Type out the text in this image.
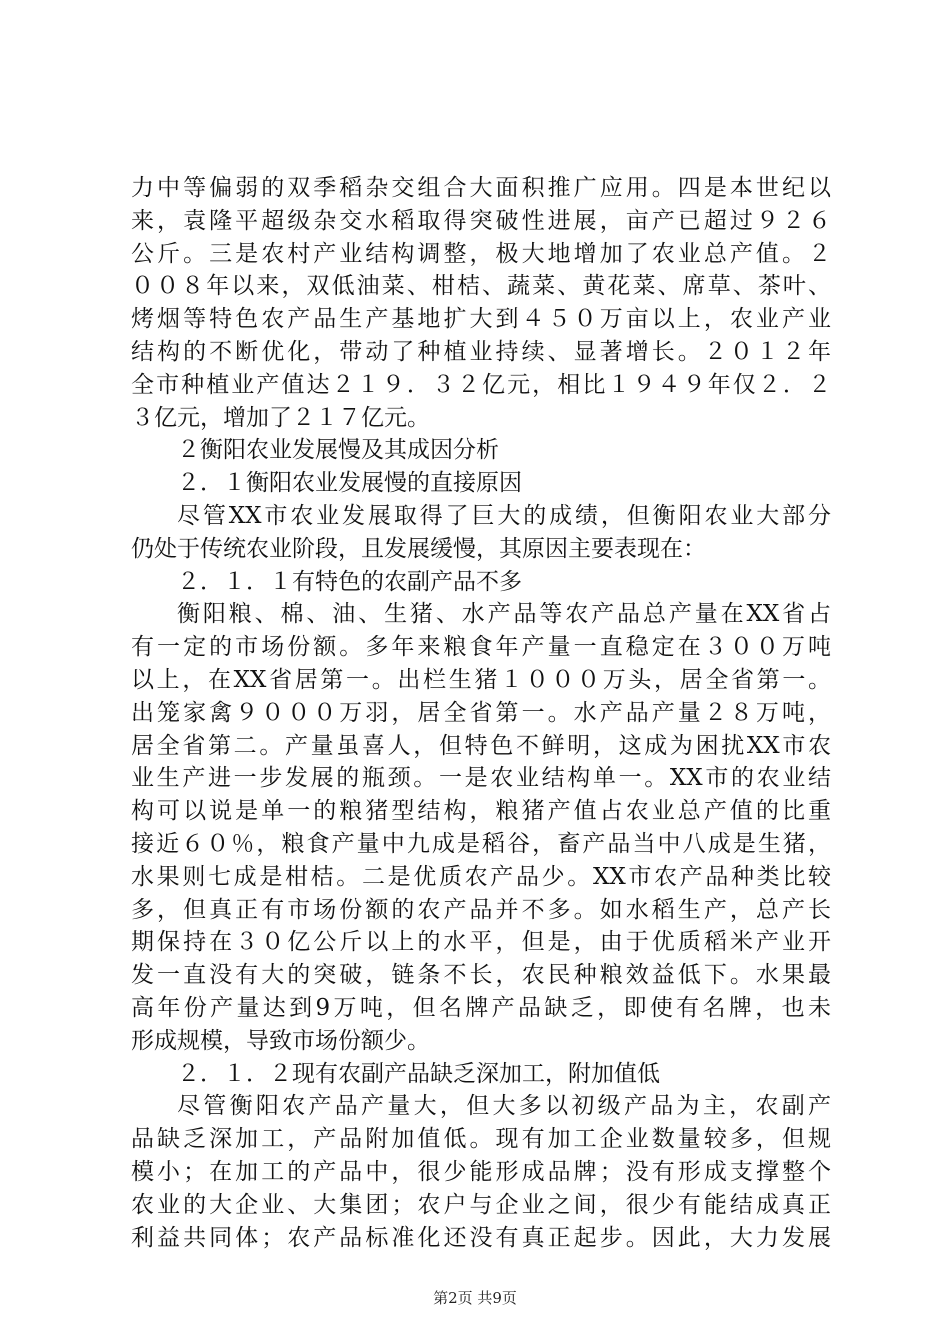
力中等偏弱的双季稻杂交组合大面积推广应用。四是本世纪以
来，袁隆平超级杂交水稻取得突破性进展，亩产已超过９２６
公斤。三是农村产业结构调整，极大地增加了农业总产值。２
００８年以来，双低油菜、柑桔、蔬菜、黄花菜、席草、茶叶、
烤烟等特色农产品生产基地扩大到４５０万亩以上，农业产业
结构的不断优化，带动了种植业持续、显著增长。２０１２年
全市种植业产值达２１９．３２亿元，相比１９４９年仅２．２
３亿元，增加了２１７亿元。
２衡阳农业发展慢及其成因分析
２．１衡阳农业发展慢的直接原因
尽管XX市农业发展取得了巨大的成绩，但衡阳农业大部分
仍处于传统农业阶段，且发展缓慢，其原因主要表现在：
２．１．１有特色的农副产品不多
衡阳粮、棉、油、生猪、水产品等农产品总产量在XX省占
有一定的市场份额。多年来粮食年产量一直稳定在３００万吨
以上，在XX省居第一。出栏生猪１０００万头，居全省第一。
出笼家禽９０００万羽，居全省第一。水产品产量２８万吨，
居全省第二。产量虽喜人，但特色不鲜明，这成为困扰XX市农
业生产进一步发展的瓶颈。一是农业结构单一。XX市的农业结
构可以说是单一的粮猪型结构，粮猪产值占农业总产值的比重
接近６０％，粮食产量中九成是稻谷，畜产品当中八成是生猪，
水果则七成是柑桔。二是优质农产品少。XX市农产品种类比较
多，但真正有市场份额的农产品并不多。如水稻生产，总产长
期保持在３０亿公斤以上的水平，但是，由于优质稻米产业开
发一直没有大的突破，链条不长，农民种粮效益低下。水果最
高年份产量达到9万吨，但名牌产品缺乏，即使有名牌，也未
形成规模，导致市场份额少。
２．１．２现有农副产品缺乏深加工，附加值低
尽管衡阳农产品产量大，但大多以初级产品为主，农副产
品缺乏深加工，产品附加值低。现有加工企业数量较多，但规
模小；在加工的产品中，很少能形成品牌；没有形成支撑整个
农业的大企业、大集团；农户与企业之间，很少有能结成真正
利益共同体；农产品标准化还没有真正起步。因此，大力发展
第2页 共9页
